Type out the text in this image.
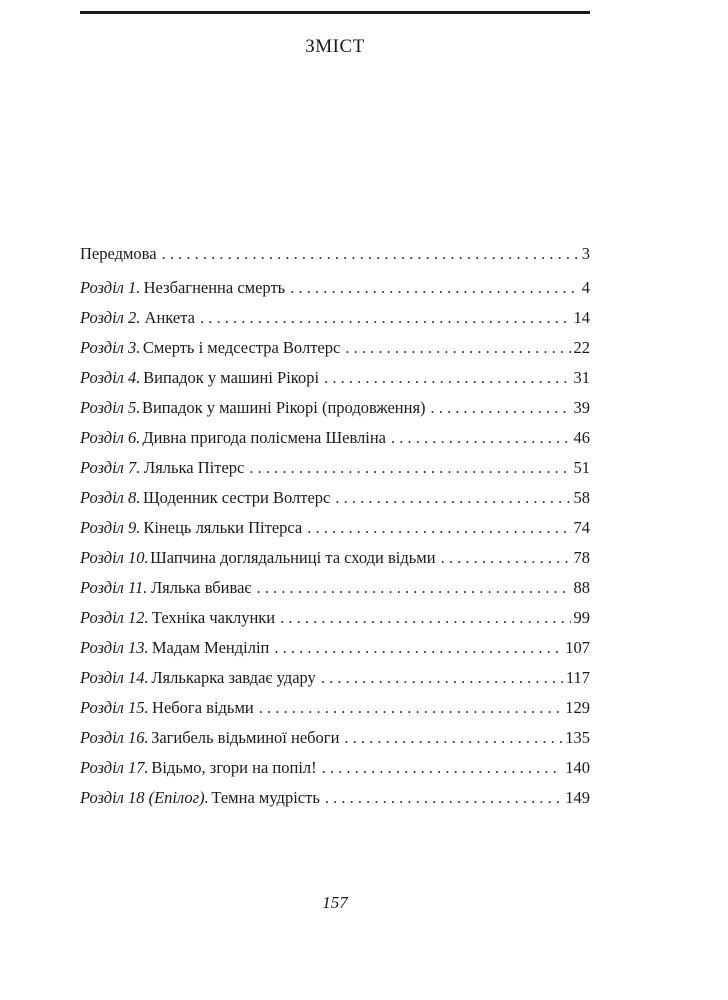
ЗМІСТ
Передмова . . .	3
Розділ 1. Незбагненна смерть . . .	4
Розділ 2. Анкета . . .	14
Розділ 3. Смерть і медсестра Волтерс . . .	22
Розділ 4. Випадок у машині Рікорі . . .	31
Розділ 5. Випадок у машині Рікорі (продовження) . . .	39
Розділ 6. Дивна пригода полісмена Шевліна . . .	46
Розділ 7. Лялька Пітерс . . .	51
Розділ 8. Щоденник сестри Волтерс . . .	58
Розділ 9. Кінець ляльки Пітерса . . .	74
Розділ 10. Шапчина доглядальниці та сходи відьми . . .	78
Розділ 11. Лялька вбиває . . .	88
Розділ 12. Техніка чаклунки . . .	99
Розділ 13. Мадам Менділіп . . .	107
Розділ 14. Лялькарка завдає удару . . .	117
Розділ 15. Небога відьми . . .	129
Розділ 16. Загибель відьминої небоги . . .	135
Розділ 17. Відьмо, згори на попіл! . . .	140
Розділ 18 (Епілог). Темна мудрість . . .	149
157
